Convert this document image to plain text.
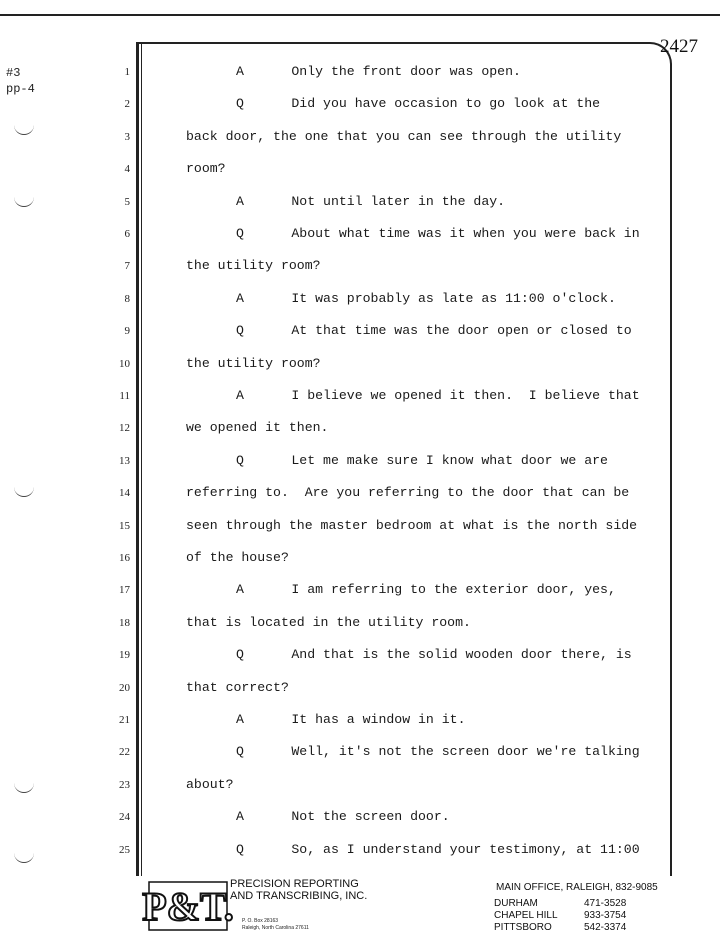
#3
pp-4
2427
1	A      Only the front door was open.
2	Q      Did you have occasion to go look at the
3	back door, the one that you can see through the utility
4	room?
5	A      Not until later in the day.
6	Q      About what time was it when you were back in
7	the utility room?
8	A      It was probably as late as 11:00 o'clock.
9	Q      At that time was the door open or closed to
10	the utility room?
11	A      I believe we opened it then.  I believe that
12	we opened it then.
13	Q      Let me make sure I know what door we are
14	referring to.  Are you referring to the door that can be
15	seen through the master bedroom at what is the north side
16	of the house?
17	A      I am referring to the exterior door, yes,
18	that is located in the utility room.
19	Q      And that is the solid wooden door there, is
20	that correct?
21	A      It has a window in it.
22	Q      Well, it's not the screen door we're talking
23	about?
24	A      Not the screen door.
25	Q      So, as I understand your testimony, at 11:00
P&T.
PRECISION REPORTING
AND TRANSCRIBING, INC.
P. O. Box 28163
Raleigh, North Carolina 27611
MAIN OFFICE, RALEIGH, 832-9085
DURHAM	471-3528
CHAPEL HILL	933-3754
PITTSBORO	542-3374
